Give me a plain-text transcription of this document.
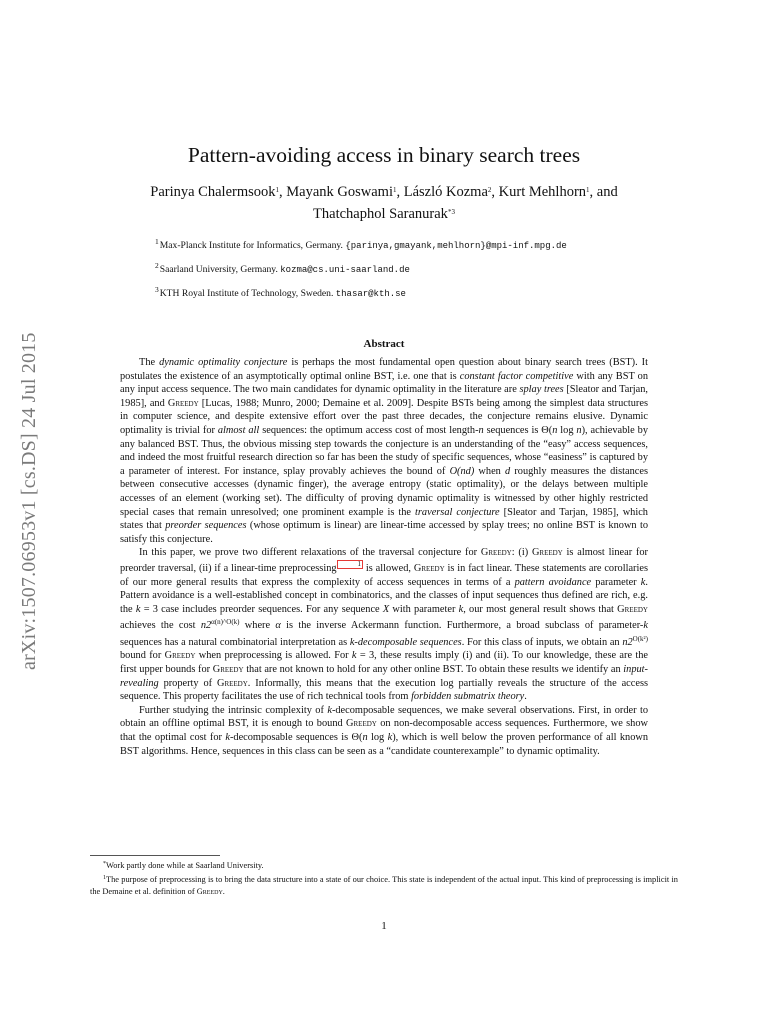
arXiv:1507.06953v1 [cs.DS] 24 Jul 2015
Pattern-avoiding access in binary search trees
Parinya Chalermsook$^1$, Mayank Goswami$^1$, László Kozma$^2$, Kurt Mehlhorn$^1$, and
Thatchaphol Saranurak$^{*3}$
$^1$Max-Planck Institute for Informatics, Germany. {parinya,gmayank,mehlhorn}@mpi-inf.mpg.de
$^2$Saarland University, Germany. kozma@cs.uni-saarland.de
$^3$KTH Royal Institute of Technology, Sweden. thasar@kth.se
Abstract

The dynamic optimality conjecture is perhaps the most fundamental open question about binary search trees (BST). It postulates the existence of an asymptotically optimal online BST, i.e. one that is constant factor competitive with any BST on any input access sequence. The two main candidates for dynamic optimality in the literature are splay trees [Sleator and Tarjan, 1985], and Greedy [Lucas, 1988; Munro, 2000; Demaine et al. 2009]. Despite BSTs being among the simplest data structures in computer science, and despite extensive effort over the past three decades, the conjecture remains elusive. Dynamic optimality is trivial for almost all sequences: the optimum access cost of most length-n sequences is Θ(n log n), achievable by any balanced BST. Thus, the obvious missing step towards the conjecture is an understanding of the “easy” access sequences, and indeed the most fruitful research direction so far has been the study of specific sequences, whose “easiness” is captured by a parameter of interest. For instance, splay provably achieves the bound of O(nd) when d roughly measures the distances between consecutive accesses (dynamic finger), the average entropy (static optimality), or the delays between multiple accesses of an element (working set). The difficulty of proving dynamic optimality is witnessed by other highly restricted special cases that remain unresolved; one prominent example is the traversal conjecture [Sleator and Tarjan, 1985], which states that preorder sequences (whose optimum is linear) are linear-time accessed by splay trees; no online BST is known to satisfy this conjecture.

In this paper, we prove two different relaxations of the traversal conjecture for Greedy: (i) Greedy is almost linear for preorder traversal, (ii) if a linear-time preprocessing	1 is allowed, Greedy is in fact linear. These statements are corollaries of our more general results that express the complexity of access sequences in terms of a pattern avoidance parameter k. Pattern avoidance is a well-established concept in combinatorics, and the classes of input sequences thus defined are rich, e.g. the k = 3 case includes preorder sequences. For any sequence X with parameter k, our most general result shows that Greedy achieves the cost $n2^{\alpha(n)\^{}O(k)}$ where α is the inverse Ackermann function. Furthermore, a broad subclass of parameter-k sequences has a natural combinatorial interpretation as k-decomposable sequences. For this class of inputs, we obtain an $n2^{O(k^2)}$ bound for Greedy when preprocessing is allowed. For k = 3, these results imply (i) and (ii). To our knowledge, these are the first upper bounds for Greedy that are not known to hold for any other online BST. To obtain these results we identify an input-revealing property of Greedy. Informally, this means that the execution log partially reveals the structure of the access sequence. This property facilitates the use of rich technical tools from forbidden submatrix theory.

Further studying the intrinsic complexity of k-decomposable sequences, we make several observations. First, in order to obtain an offline optimal BST, it is enough to bound Greedy on non-decomposable access sequences. Furthermore, we show that the optimal cost for k-decomposable sequences is Θ(n log k), which is well below the proven performance of all known BST algorithms. Hence, sequences in this class can be seen as a “candidate counterexample” to dynamic optimality.

*Work partly done while at Saarland University.

$^1$The purpose of preprocessing is to bring the data structure into a state of our choice. This state is independent of the actual input. This kind of preprocessing is implicit in the Demaine et al. definition of Greedy.

1
